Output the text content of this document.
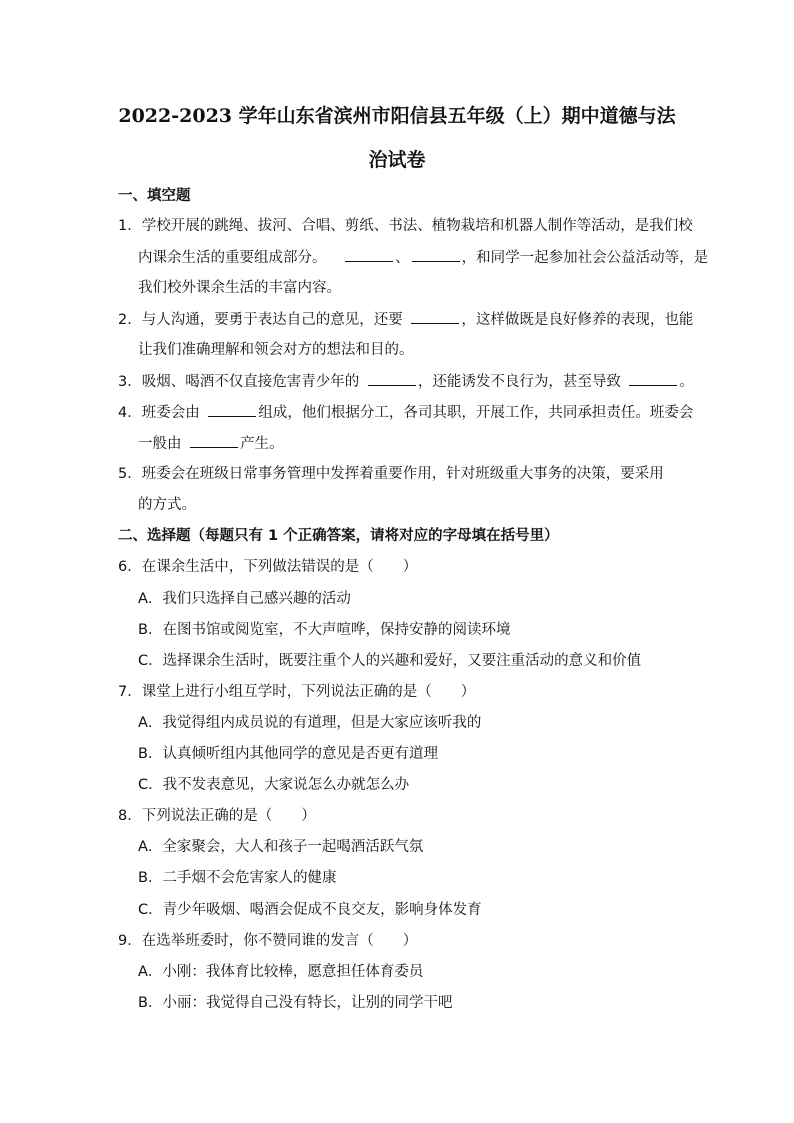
2022-2023 学年山东省滨州市阳信县五年级（上）期中道德与法
治试卷
一、填空题
1．学校开展的跳绳、拔河、合唱、剪纸、书法、植物栽培和机器人制作等活动，是我们校
内课余生活的重要组成部分。	、	，和同学一起参加社会公益活动等，是
我们校外课余生活的丰富内容。
2．与人沟通，要勇于表达自己的意见，还要	，这样做既是良好修养的表现，也能
让我们准确理解和领会对方的想法和目的。
3．吸烟、喝酒不仅直接危害青少年的	，还能诱发不良行为，甚至导致	。
4．班委会由	组成，他们根据分工，各司其职，开展工作，共同承担责任。班委会
一般由	产生。
5．班委会在班级日常事务管理中发挥着重要作用，针对班级重大事务的决策，要采用
的方式。
二、选择题（每题只有 1 个正确答案，请将对应的字母填在括号里）
6．在课余生活中，下列做法错误的是（　　）
A．我们只选择自己感兴趣的活动
B．在图书馆或阅览室，不大声喧哗，保持安静的阅读环境
C．选择课余生活时，既要注重个人的兴趣和爱好，又要注重活动的意义和价值
7．课堂上进行小组互学时，下列说法正确的是（　　）
A．我觉得组内成员说的有道理，但是大家应该听我的
B．认真倾听组内其他同学的意见是否更有道理
C．我不发表意见，大家说怎么办就怎么办
8．下列说法正确的是（　　）
A．全家聚会，大人和孩子一起喝酒活跃气氛
B．二手烟不会危害家人的健康
C．青少年吸烟、喝酒会促成不良交友，影响身体发育
9．在选举班委时，你不赞同谁的发言（　　）
A．小刚：我体育比较棒，愿意担任体育委员
B．小丽：我觉得自己没有特长，让别的同学干吧
